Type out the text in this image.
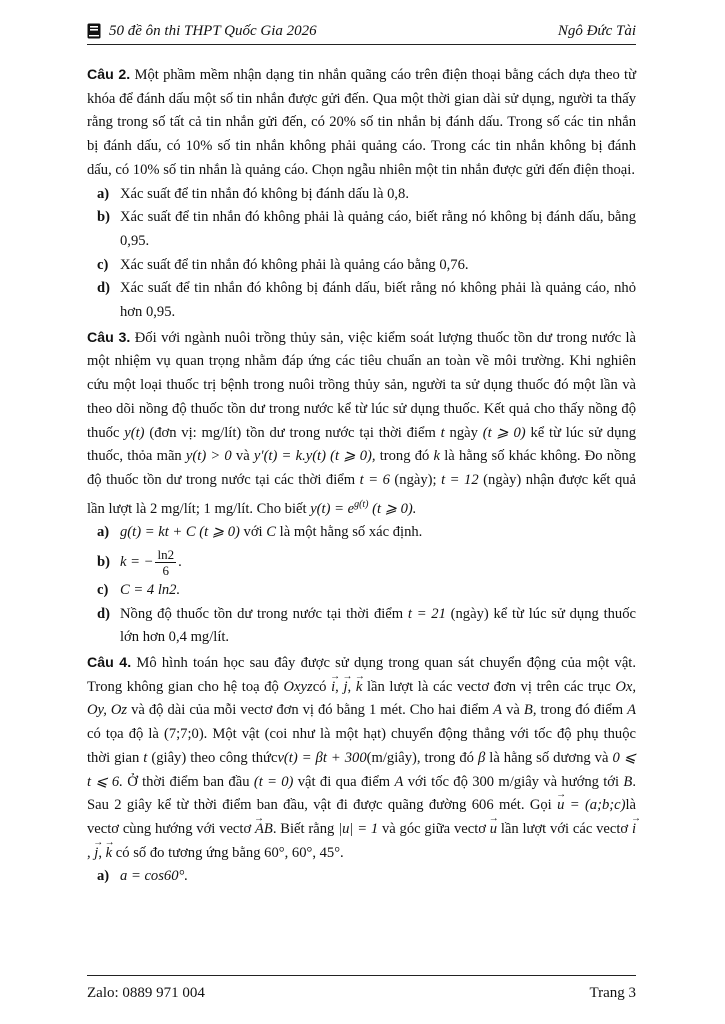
50 đề ôn thi THPT Quốc Gia 2026	Ngô Đức Tài

Câu 2. Một phầm mềm nhận dạng tin nhắn quãng cáo trên điện thoại bằng cách dựa theo từ khóa để đánh dấu một số tin nhắn được gửi đến. Qua một thời gian dài sử dụng, người ta thấy rằng trong số tất cả tin nhắn gửi đến, có 20% số tin nhắn bị đánh dấu. Trong số các tin nhắn bị đánh dấu, có 10% số tin nhắn không phải quảng cáo. Trong các tin nhắn không bị đánh dấu, có 10% số tin nhắn là quảng cáo. Chọn ngẫu nhiên một tin nhắn được gửi đến điện thoại.

a) Xác suất để tin nhắn đó không bị đánh dấu là 0,8.
b) Xác suất để tin nhắn đó không phải là quảng cáo, biết rằng nó không bị đánh dấu, bằng 0,95.
c) Xác suất để tin nhắn đó không phải là quảng cáo bằng 0,76.
d) Xác suất để tin nhắn đó không bị đánh dấu, biết rằng nó không phải là quảng cáo, nhỏ hơn 0,95.

Câu 3. Đối với ngành nuôi trồng thủy sản, việc kiểm soát lượng thuốc tồn dư trong nước là một nhiệm vụ quan trọng nhằm đáp ứng các tiêu chuẩn an toàn về môi trường. Khi nghiên cứu một loại thuốc trị bệnh trong nuôi trồng thủy sản, người ta sử dụng thuốc đó một lần và theo dõi nồng độ thuốc tồn dư trong nước kể từ lúc sử dụng thuốc. Kết quả cho thấy nồng độ thuốc y(t) (đơn vị: mg/lít) tồn dư trong nước tại thời điểm t ngày (t ⩾ 0) kể từ lúc sử dụng thuốc, thỏa mãn y(t) > 0 và y′(t) = k.y(t) (t ⩾ 0), trong đó k là hằng số khác không. Đo nồng độ thuốc tồn dư trong nước tại các thời điểm t = 6 (ngày); t = 12 (ngày) nhận được kết quả lần lượt là 2 mg/lít; 1 mg/lít. Cho biết $y(t) = e^{g(t)}$ (t ⩾ 0).

a) g(t) = kt + C (t ⩾ 0) với C là một hằng số xác định.
b) k = − $\frac{\ln 2}{6}$ .
c) C = 4 ln2.
d) Nồng độ thuốc tồn dư trong nước tại thời điểm t = 21 (ngày) kể từ lúc sử dụng thuốc lớn hơn 0,4 mg/lít.

Câu 4. Mô hình toán học sau đây được sử dụng trong quan sát chuyển động của một vật. Trong không gian cho hệ toạ độ Oxyzcó → i, → j, → k lần lượt là các vectơ đơn vị trên các trục Ox, Oy, Oz và độ dài của mỗi vectơ đơn vị đó bằng 1 mét. Cho hai điểm A và B, trong đó điểm A có tọa độ là (7;7;0). Một vật (coi như là một hạt) chuyển động thẳng với tốc độ phụ thuộc thời gian t (giây) theo công thứcv(t) = βt + 300(m/giây), trong đó β là hằng số dương và 0 ⩽ t ⩽ 6. Ở thời điểm ban đầu (t = 0) vật đi qua điểm A với tốc độ 300 m/giây và hướng tới B. Sau 2 giây kể từ thời điểm ban đầu, vật đi được quãng đường 606 mét. Gọi → u = (a;b;c)là vectơ cùng hướng với vectơ → AB. Biết rằng |u| = 1 và góc giữa vectơ → u lần lượt với các vectơ → i, → j, → k có số đo tương ứng bằng 60°, 60°, 45°.

a) a = cos60°.
Zalo: 0889 971 004	Trang 3
